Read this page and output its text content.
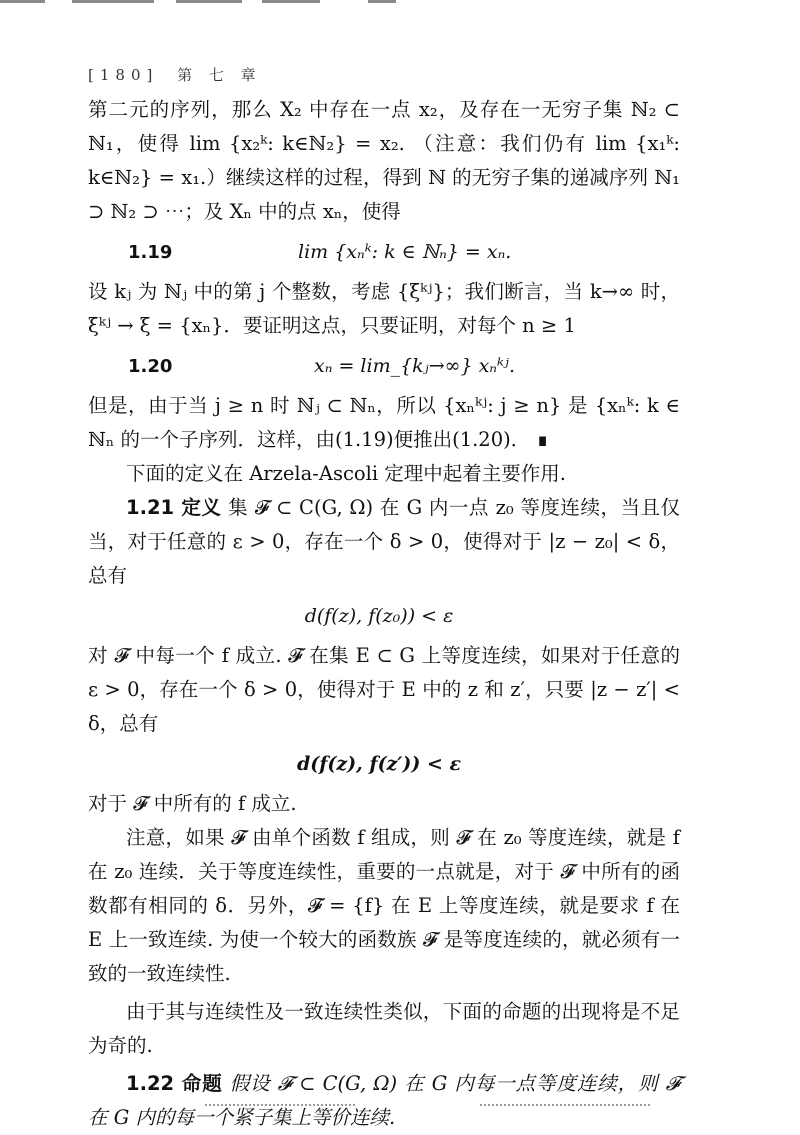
[180] 第 七 章

第二元的序列，那么 X₂ 中存在一点 x₂，及存在一无穷子集 ℕ₂ ⊂ ℕ₁，使得 lim {x₂ᵏ: k∈ℕ₂} = x₂. （注意：我们仍有 lim {x₁ᵏ: k∈ℕ₂} = x₁.）继续这样的过程，得到 ℕ 的无穷子集的递减序列 ℕ₁ ⊃ ℕ₂ ⊃ ⋯；及 Xₙ 中的点 xₙ，使得

1.19	lim {xₙᵏ: k ∈ ℕₙ} = xₙ.

设 kⱼ 为 ℕⱼ 中的第 j 个整数，考虑 {ξᵏʲ}；我们断言，当 k→∞ 时，ξᵏʲ → ξ = {xₙ}．要证明这点，只要证明，对每个 n ≥ 1

1.20	xₙ = lim_{kⱼ→∞} xₙᵏʲ.

但是，由于当 j ≥ n 时 ℕⱼ ⊂ ℕₙ，所以 {xₙᵏʲ: j ≥ n} 是 {xₙᵏ: k ∈ ℕₙ 的一个子序列．这样，由(1.19)便推出(1.20)． ∎

下面的定义在 Arzela-Ascoli 定理中起着主要作用.

1.21 定义 集 𝓕 ⊂ C(G, Ω) 在 G 内一点 z₀ 等度连续，当且仅当，对于任意的 ε > 0，存在一个 δ > 0，使得对于 |z − z₀| < δ，总有

d(f(z), f(z₀)) < ε

对 𝓕 中每一个 f 成立. 𝓕 在集 E ⊂ G 上等度连续，如果对于任意的 ε > 0，存在一个 δ > 0，使得对于 E 中的 z 和 z′，只要 |z − z′| < δ，总有

d(f(z), f(z′)) < ε

对于 𝓕 中所有的 f 成立.

注意，如果 𝓕 由单个函数 f 组成，则 𝓕 在 z₀ 等度连续，就是 f 在 z₀ 连续．关于等度连续性，重要的一点就是，对于 𝓕 中所有的函数都有相同的 δ．另外，𝓕 = {f} 在 E 上等度连续，就是要求 f 在 E 上一致连续. 为使一个较大的函数族 𝓕 是等度连续的，就必须有一致的一致连续性.

由于其与连续性及一致连续性类似，下面的命题的出现将是不足为奇的.

1.22 命题 假设 𝓕 ⊂ C(G, Ω) 在 G 内每一点等度连续，则 𝓕 在 G 内的每一个紧子集上等价连续.
